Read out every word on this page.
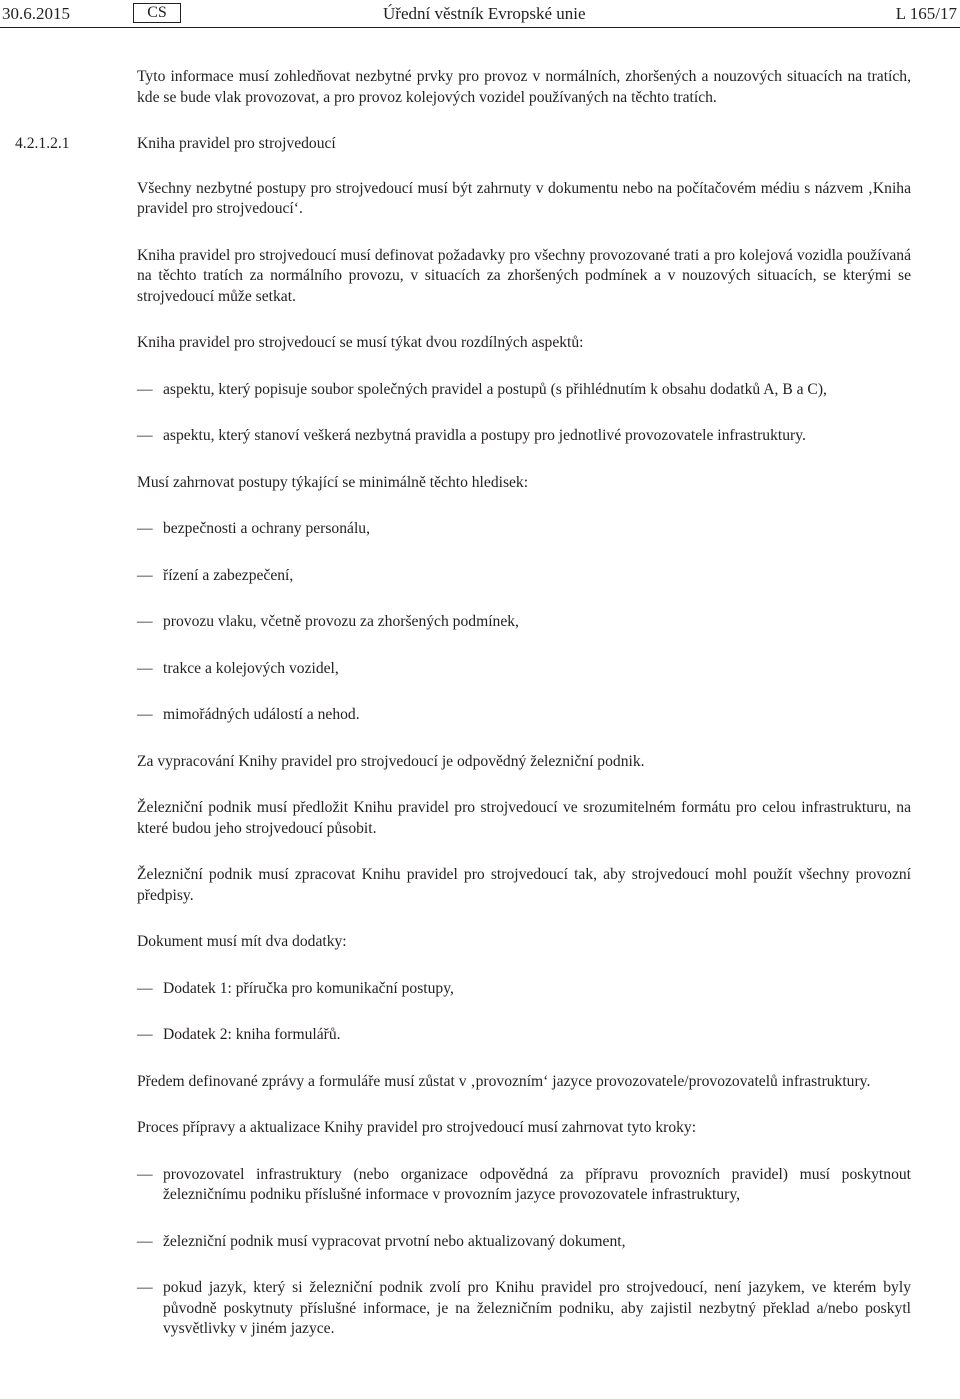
30.6.2015	CS	Úřední věstník Evropské unie	L 165/17

Tyto informace musí zohledňovat nezbytné prvky pro provoz v normálních, zhoršených a nouzových situacích na tratích, kde se bude vlak provozovat, a pro provoz kolejových vozidel používaných na těchto tratích.

4.2.1.2.1	Kniha pravidel pro strojvedoucí

Všechny nezbytné postupy pro strojvedoucí musí být zahrnuty v dokumentu nebo na počítačovém médiu s názvem ‚Kniha pravidel pro strojvedoucí‘.

Kniha pravidel pro strojvedoucí musí definovat požadavky pro všechny provozované trati a pro kolejová vozidla používaná na těchto tratích za normálního provozu, v situacích za zhoršených podmínek a v nouzových situacích, se kterými se strojvedoucí může setkat.

Kniha pravidel pro strojvedoucí se musí týkat dvou rozdílných aspektů:

— aspektu, který popisuje soubor společných pravidel a postupů (s přihlédnutím k obsahu dodatků A, B a C),
— aspektu, který stanoví veškerá nezbytná pravidla a postupy pro jednotlivé provozovatele infrastruktury.

Musí zahrnovat postupy týkající se minimálně těchto hledisek:

— bezpečnosti a ochrany personálu,
— řízení a zabezpečení,
— provozu vlaku, včetně provozu za zhoršených podmínek,
— trakce a kolejových vozidel,
— mimořádných událostí a nehod.

Za vypracování Knihy pravidel pro strojvedoucí je odpovědný železniční podnik.

Železniční podnik musí předložit Knihu pravidel pro strojvedoucí ve srozumitelném formátu pro celou infrastrukturu, na které budou jeho strojvedoucí působit.

Železniční podnik musí zpracovat Knihu pravidel pro strojvedoucí tak, aby strojvedoucí mohl použít všechny provozní předpisy.

Dokument musí mít dva dodatky:

— Dodatek 1: příručka pro komunikační postupy,
— Dodatek 2: kniha formulářů.

Předem definované zprávy a formuláře musí zůstat v ‚provozním‘ jazyce provozovatele/provozovatelů infrastruktury.

Proces přípravy a aktualizace Knihy pravidel pro strojvedoucí musí zahrnovat tyto kroky:

— provozovatel infrastruktury (nebo organizace odpovědná za přípravu provozních pravidel) musí poskytnout železničnímu podniku příslušné informace v provozním jazyce provozovatele infrastruktury,
— železniční podnik musí vypracovat prvotní nebo aktualizovaný dokument,
— pokud jazyk, který si železniční podnik zvolí pro Knihu pravidel pro strojvedoucí, není jazykem, ve kterém byly původně poskytnuty příslušné informace, je na železničním podniku, aby zajistil nezbytný překlad a/nebo poskytl vysvětlivky v jiném jazyce.
